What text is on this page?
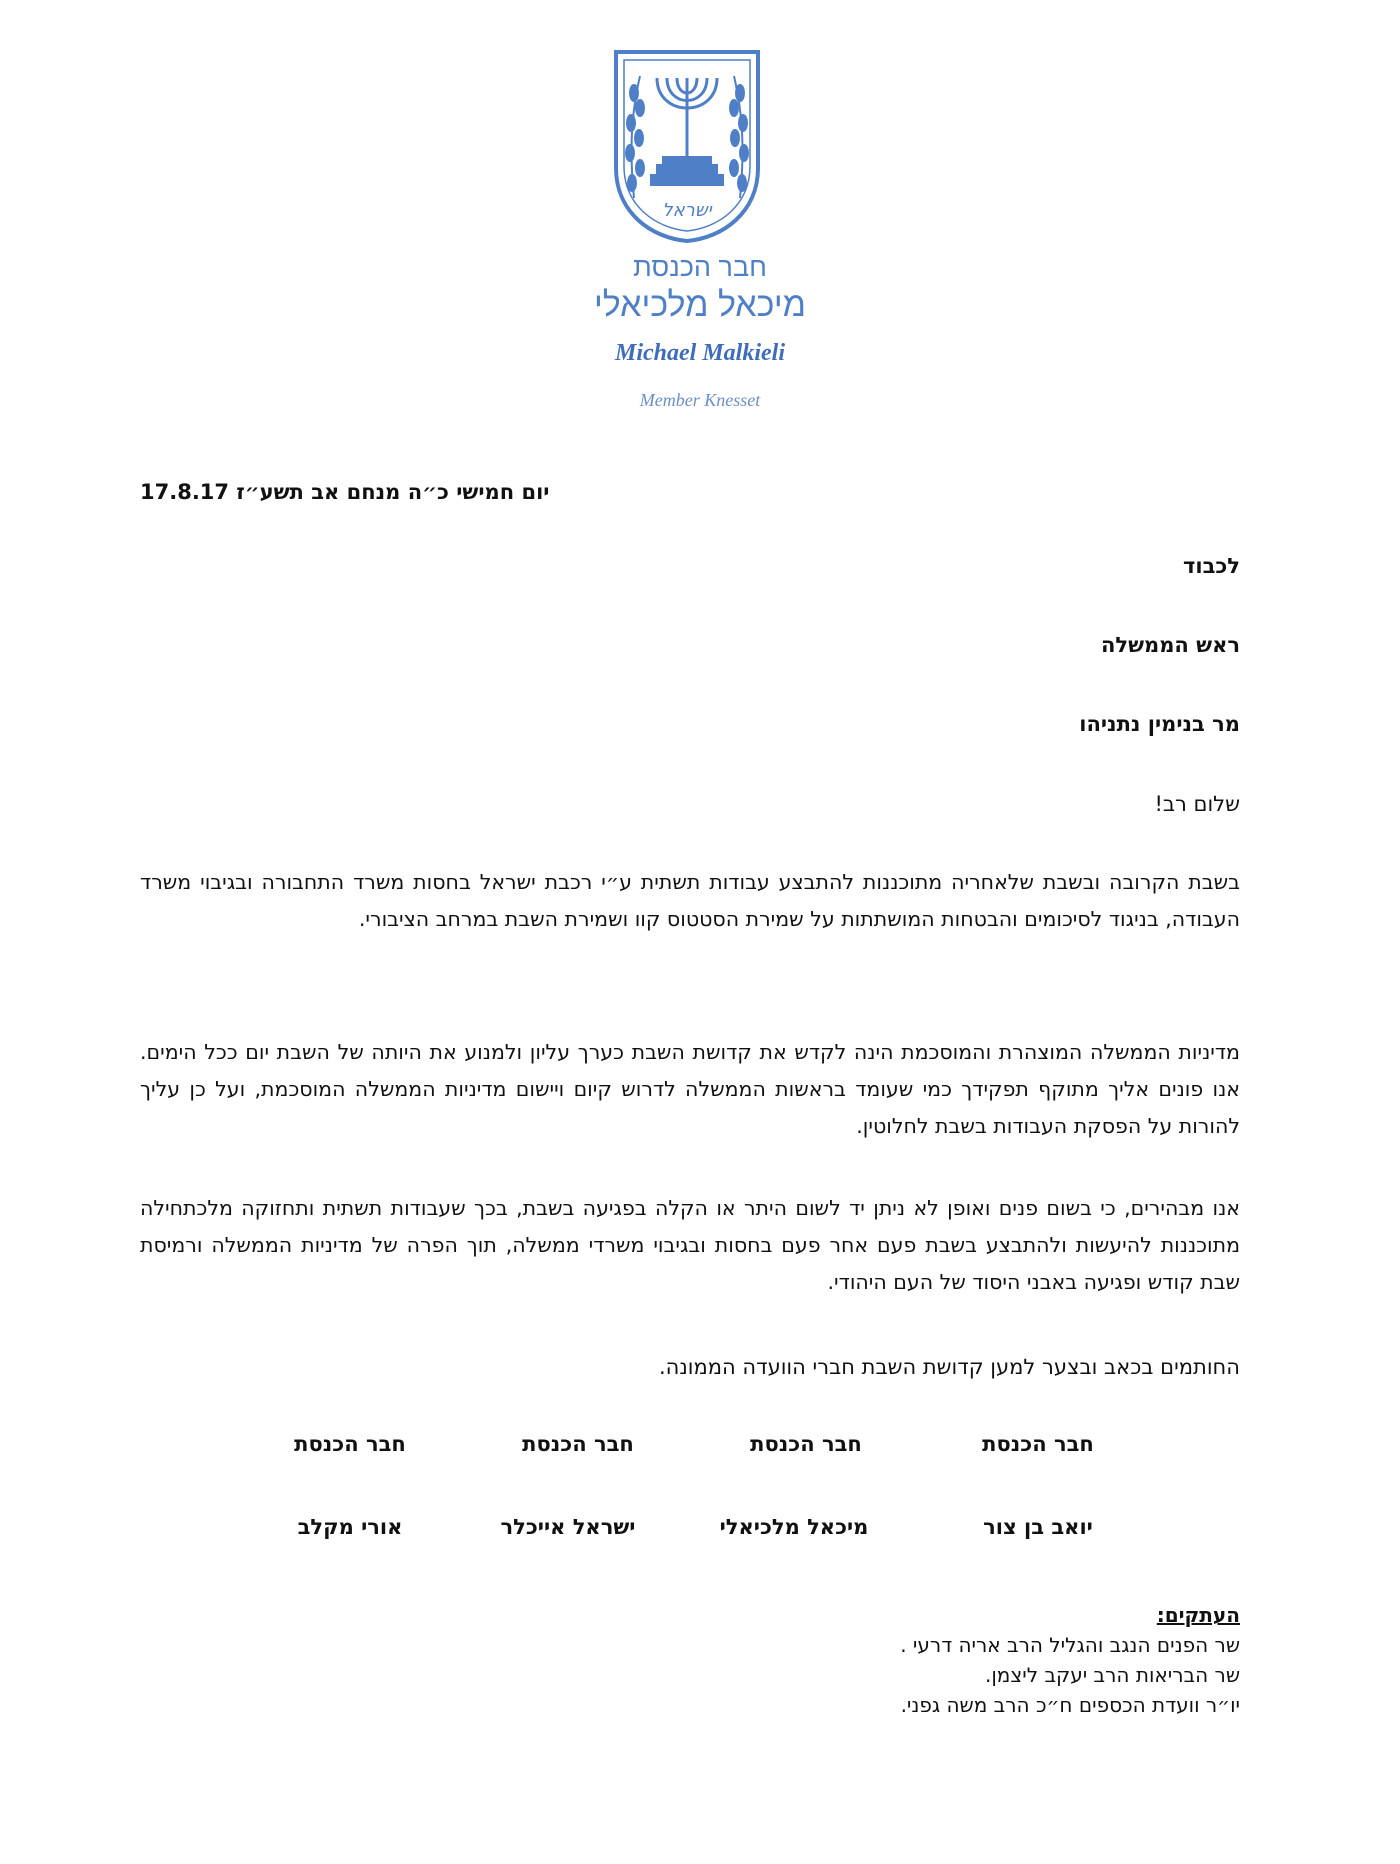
ישראל
חבר הכנסת
מיכאל מלכיאלי
Michael Malkieli
Member Knesset
יום חמישי כ״ה מנחם אב תשע״ז 17.8.17
לכבוד
ראש הממשלה
מר בנימין נתניהו
שלום רב!
בשבת הקרובה ובשבת שלאחריה מתוכננות להתבצע עבודות תשתית ע״י רכבת ישראל בחסות משרד התחבורה ובגיבוי משרד העבודה, בניגוד לסיכומים והבטחות המושתתות על שמירת הסטטוס קוו ושמירת השבת במרחב הציבורי.
מדיניות הממשלה המוצהרת והמוסכמת הינה לקדש את קדושת השבת כערך עליון ולמנוע את היותה של השבת יום ככל הימים. אנו פונים אליך מתוקף תפקידך כמי שעומד בראשות הממשלה לדרוש קיום ויישום מדיניות הממשלה המוסכמת, ועל כן עליך להורות על הפסקת העבודות בשבת לחלוטין.
אנו מבהירים, כי בשום פנים ואופן לא ניתן יד לשום היתר או הקלה בפגיעה בשבת, בכך שעבודות תשתית ותחזוקה מלכתחילה מתוכננות להיעשות ולהתבצע בשבת פעם אחר פעם בחסות ובגיבוי משרדי ממשלה, תוך הפרה של מדיניות הממשלה ורמיסת שבת קודש ופגיעה באבני היסוד של העם היהודי.
החותמים בכאב ובצער למען קדושת השבת חברי הוועדה הממונה.
חבר הכנסת
יואב בן צור
חבר הכנסת
מיכאל מלכיאלי
חבר הכנסת
ישראל אייכלר
חבר הכנסת
אורי מקלב
העתקים:
שר הפנים הנגב והגליל הרב אריה דרעי .
שר הבריאות הרב יעקב ליצמן.
יו״ר וועדת הכספים ח״כ הרב משה גפני.
